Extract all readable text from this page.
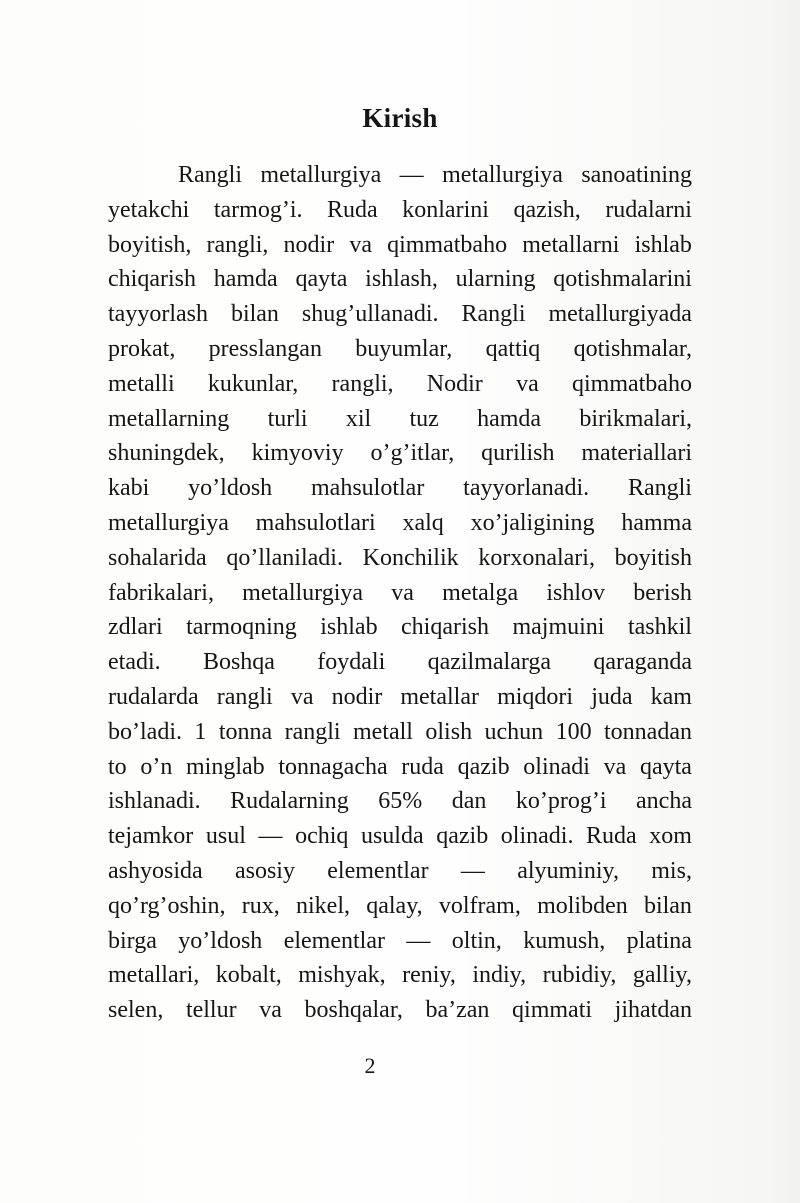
Kirish
Rangli metallurgiya — metallurgiya sanoatining
yetakchi tarmog’i. Ruda konlarini qazish, rudalarni
boyitish, rangli, nodir va qimmatbaho metallarni ishlab
chiqarish hamda qayta ishlash, ularning qotishmalarini
tayyorlash bilan shug’ullanadi. Rangli metallurgiyada
prokat, presslangan buyumlar, qattiq qotishmalar,
metalli kukunlar, rangli, Nodir va qimmatbaho
metallarning turli xil tuz hamda birikmalari,
shuningdek, kimyoviy o’g’itlar, qurilish materiallari
kabi yo’ldosh mahsulotlar tayyorlanadi. Rangli
metallurgiya mahsulotlari xalq xo’jaligining hamma
sohalarida qo’llaniladi. Konchilik korxonalari, boyitish
fabrikalari, metallurgiya va metalga ishlov berish
zdlari tarmoqning ishlab chiqarish majmuini tashkil
etadi. Boshqa foydali qazilmalarga qaraganda
rudalarda rangli va nodir metallar miqdori juda kam
bo’ladi. 1 tonna rangli metall olish uchun 100 tonnadan
to o’n minglab tonnagacha ruda qazib olinadi va qayta
ishlanadi. Rudalarning 65% dan ko’prog’i ancha
tejamkor usul — ochiq usulda qazib olinadi. Ruda xom
ashyosida asosiy elementlar — alyuminiy, mis,
qo’rg’oshin, rux, nikel, qalay, volfram, molibden bilan
birga yo’ldosh elementlar — oltin, kumush, platina
metallari, kobalt, mishyak, reniy, indiy, rubidiy, galliy,
selen, tellur va boshqalar, ba’zan qimmati jihatdan
2
